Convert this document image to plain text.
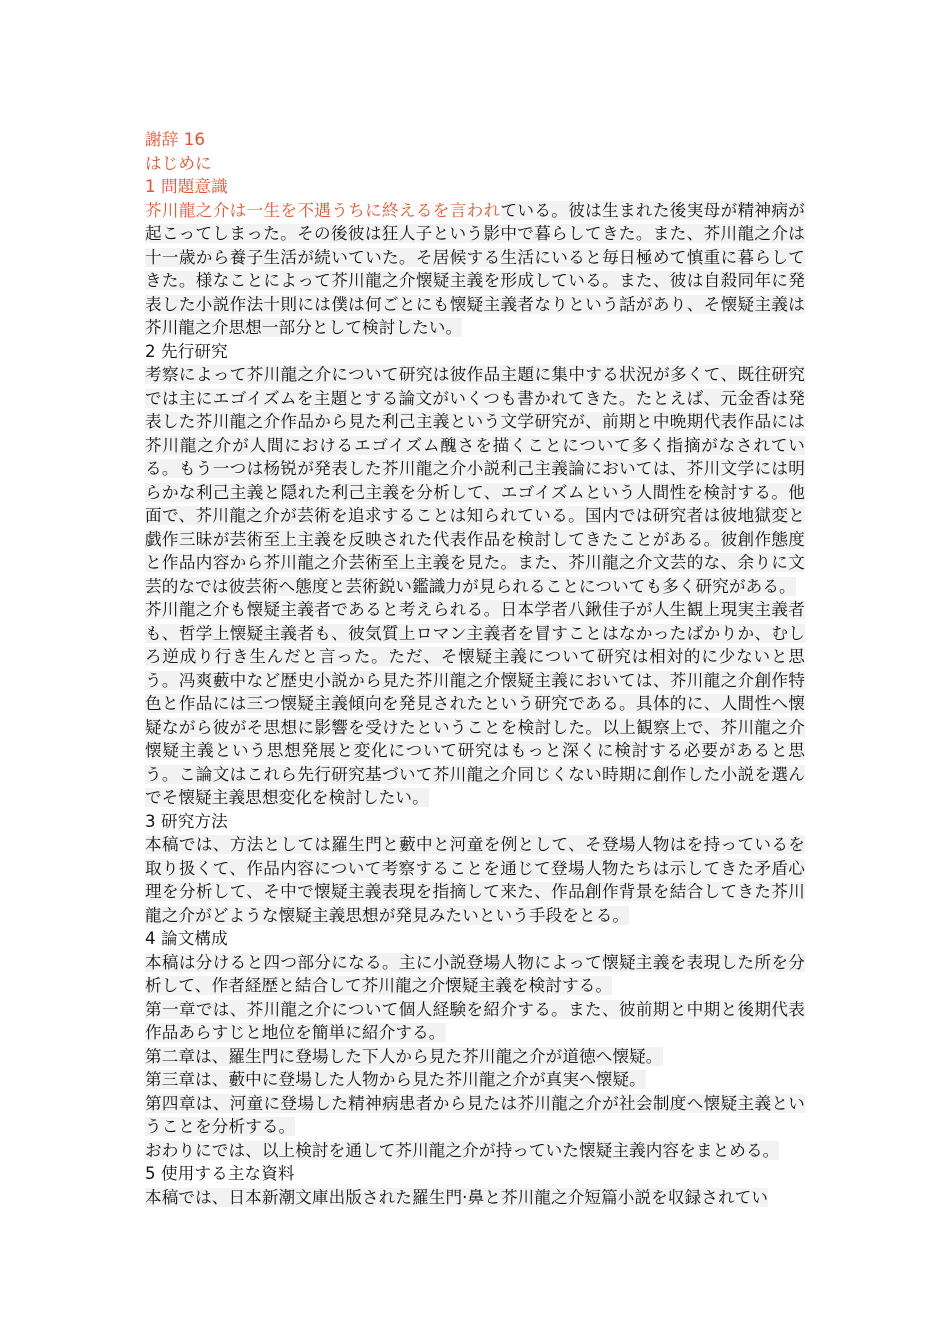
謝辞 16
はじめに
1 問題意識

芥川龍之介は一生を不遇うちに終えるを言われている。彼は生まれた後実母が精神病が起こってしまった。その後彼は狂人子という影中で暮らしてきた。また、芥川龍之介は十一歳から養子生活が続いていた。そ居候する生活にいると毎日極めて慎重に暮らしてきた。様なことによって芥川龍之介懐疑主義を形成している。また、彼は自殺同年に発表した小説作法十則には僕は何ごとにも懐疑主義者なりという話があり、そ懐疑主義は芥川龍之介思想一部分として検討したい。

2 先行研究

考察によって芥川龍之介について研究は彼作品主題に集中する状況が多くて、既往研究では主にエゴイズムを主題とする論文がいくつも書かれてきた。たとえば、元金香は発表した芥川龍之介作品から見た利己主義という文学研究が、前期と中晩期代表作品には芥川龍之介が人間におけるエゴイズム醜さを描くことについて多く指摘がなされている。もう一つは杨锐が発表した芥川龍之介小説利己主義論においては、芥川文学には明らかな利己主義と隠れた利己主義を分析して、エゴイズムという人間性を検討する。他面で、芥川龍之介が芸術を追求することは知られている。国内では研究者は彼地獄変と戯作三昧が芸術至上主義を反映された代表作品を検討してきたことがある。彼創作態度と作品内容から芥川龍之介芸術至上主義を見た。また、芥川龍之介文芸的な、余りに文芸的なでは彼芸術へ態度と芸術鋭い鑑識力が見られることについても多く研究がある。

芥川龍之介も懐疑主義者であると考えられる。日本学者八鍬佳子が人生観上現実主義者も、哲学上懐疑主義者も、彼気質上ロマン主義者を冒すことはなかったばかりか、むしろ逆成り行き生んだと言った。ただ、そ懐疑主義について研究は相対的に少ないと思う。冯爽藪中など歴史小説から見た芥川龍之介懐疑主義においては、芥川龍之介創作特色と作品には三つ懐疑主義傾向を発見されたという研究である。具体的に、人間性へ懐疑ながら彼がそ思想に影響を受けたということを検討した。以上観察上で、芥川龍之介懐疑主義という思想発展と変化について研究はもっと深くに検討する必要があると思う。こ論文はこれら先行研究基づいて芥川龍之介同じくない時期に創作した小説を選んでそ懐疑主義思想変化を検討したい。

3 研究方法

本稿では、方法としては羅生門と藪中と河童を例として、そ登場人物はを持っているを取り扱くて、作品内容について考察することを通じて登場人物たちは示してきた矛盾心理を分析して、そ中で懐疑主義表現を指摘して来た、作品創作背景を結合してきた芥川龍之介がどような懐疑主義思想が発見みたいという手段をとる。

4 論文構成

本稿は分けると四つ部分になる。主に小説登場人物によって懐疑主義を表現した所を分析して、作者経歴と結合して芥川龍之介懐疑主義を検討する。

第一章では、芥川龍之介について個人経験を紹介する。また、彼前期と中期と後期代表作品あらすじと地位を簡単に紹介する。

第二章は、羅生門に登場した下人から見た芥川龍之介が道徳へ懐疑。

第三章は、藪中に登場した人物から見た芥川龍之介が真実へ懐疑。

第四章は、河童に登場した精神病患者から見たは芥川龍之介が社会制度へ懐疑主義ということを分析する。

おわりにでは、以上検討を通して芥川龍之介が持っていた懐疑主義内容をまとめる。

5 使用する主な資料

本稿では、日本新潮文庫出版された羅生門·鼻と芥川龍之介短篇小説を収録されてい
